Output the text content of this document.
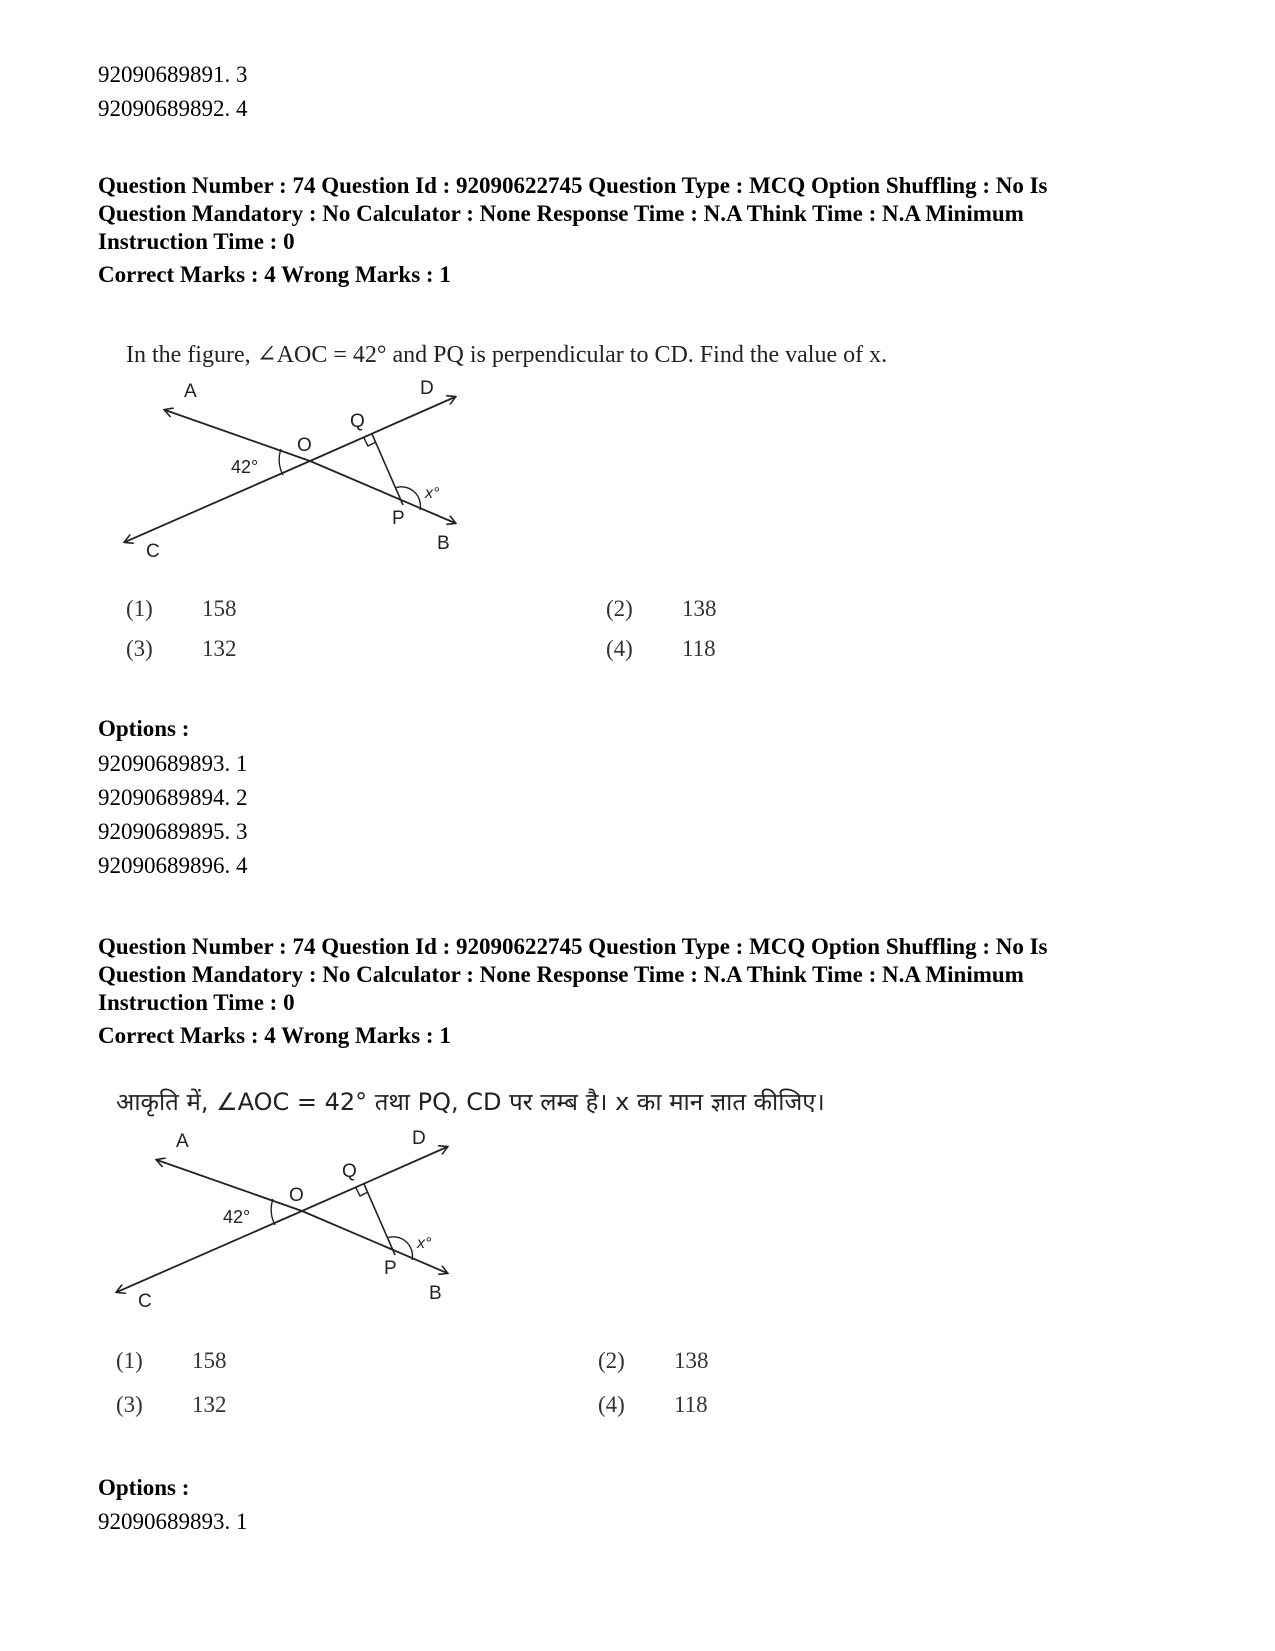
92090689891. 3
92090689892. 4
Question Number : 74 Question Id : 92090622745 Question Type : MCQ Option Shuffling : No Is
Question Mandatory : No Calculator : None Response Time : N.A Think Time : N.A Minimum
Instruction Time : 0
Correct Marks : 4 Wrong Marks : 1
In the figure, ∠AOC = 42° and PQ is perpendicular to CD. Find the value of x.
A	D
Q
O
42°
x°
P
B
C
(1) 158	(2) 138
(3) 132	(4) 118
Options :
92090689893. 1
92090689894. 2
92090689895. 3
92090689896. 4
Question Number : 74 Question Id : 92090622745 Question Type : MCQ Option Shuffling : No Is
Question Mandatory : No Calculator : None Response Time : N.A Think Time : N.A Minimum
Instruction Time : 0
Correct Marks : 4 Wrong Marks : 1
आकृति में, ∠AOC = 42° तथा PQ, CD पर लम्ब है। x का मान ज्ञात कीजिए।
A	D
Q
O
42°
x°
P
B
C
(1) 158	(2) 138
(3) 132	(4) 118
Options :
92090689893. 1
